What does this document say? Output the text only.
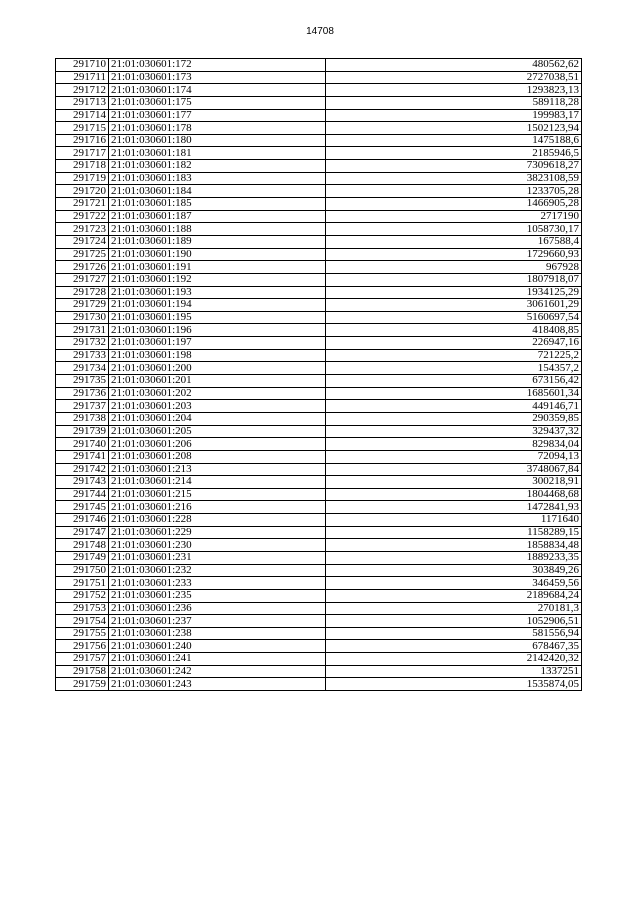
14708
291710	21:01:030601:172	480562,62
291711	21:01:030601:173	2727038,51
291712	21:01:030601:174	1293823,13
291713	21:01:030601:175	589118,28
291714	21:01:030601:177	199983,17
291715	21:01:030601:178	1502123,94
291716	21:01:030601:180	1475188,6
291717	21:01:030601:181	2185946,5
291718	21:01:030601:182	7309618,27
291719	21:01:030601:183	3823108,59
291720	21:01:030601:184	1233705,28
291721	21:01:030601:185	1466905,28
291722	21:01:030601:187	2717190
291723	21:01:030601:188	1058730,17
291724	21:01:030601:189	167588,4
291725	21:01:030601:190	1729660,93
291726	21:01:030601:191	967928
291727	21:01:030601:192	1807918,07
291728	21:01:030601:193	1934125,29
291729	21:01:030601:194	3061601,29
291730	21:01:030601:195	5160697,54
291731	21:01:030601:196	418408,85
291732	21:01:030601:197	226947,16
291733	21:01:030601:198	721225,2
291734	21:01:030601:200	154357,2
291735	21:01:030601:201	673156,42
291736	21:01:030601:202	1685601,34
291737	21:01:030601:203	449146,71
291738	21:01:030601:204	290359,85
291739	21:01:030601:205	329437,32
291740	21:01:030601:206	829834,04
291741	21:01:030601:208	72094,13
291742	21:01:030601:213	3748067,84
291743	21:01:030601:214	300218,91
291744	21:01:030601:215	1804468,68
291745	21:01:030601:216	1472841,93
291746	21:01:030601:228	1171640
291747	21:01:030601:229	1158289,15
291748	21:01:030601:230	1858834,48
291749	21:01:030601:231	1889233,35
291750	21:01:030601:232	303849,26
291751	21:01:030601:233	346459,56
291752	21:01:030601:235	2189684,24
291753	21:01:030601:236	270181,3
291754	21:01:030601:237	1052906,51
291755	21:01:030601:238	581556,94
291756	21:01:030601:240	678467,35
291757	21:01:030601:241	2142420,32
291758	21:01:030601:242	1337251
291759	21:01:030601:243	1535874,05
